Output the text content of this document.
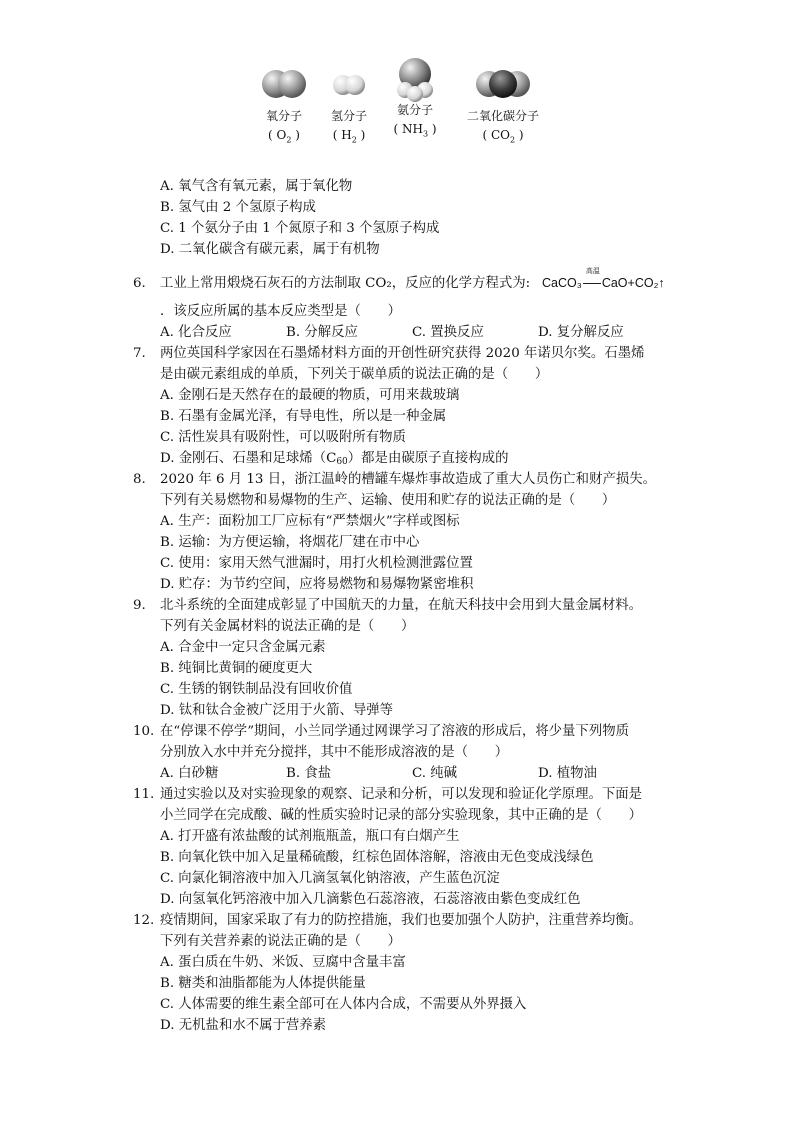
氧分子
( $O_2$ )
氢分子
( $H_2$ )
氨分子
( $NH_3$ )
二氧化碳分子
( $CO_2$ )
A. 氧气含有氧元素，属于氧化物
B. 氢气由 2 个氢原子构成
C. 1 个氨分子由 1 个氮原子和 3 个氢原子构成
D. 二氧化碳含有碳元素，属于有机物
6. 工业上常用煅烧石灰石的方法制取 CO₂，反应的化学方程式为: CaCO₃
高温
CaO+CO₂↑
．该反应所属的基本反应类型是（　　）
A. 化合反应	B. 分解反应	C. 置换反应	D. 复分解反应
7. 两位英国科学家因在石墨烯材料方面的开创性研究获得 2020 年诺贝尔奖。石墨烯
是由碳元素组成的单质，下列关于碳单质的说法正确的是（　　）
A. 金刚石是天然存在的最硬的物质，可用来裁玻璃
B. 石墨有金属光泽，有导电性，所以是一种金属
C. 活性炭具有吸附性，可以吸附所有物质
D. 金刚石、石墨和足球烯（C60）都是由碳原子直接构成的
8. 2020 年 6 月 13 日，浙江温岭的槽罐车爆炸事故造成了重大人员伤亡和财产损失。
下列有关易燃物和易爆物的生产、运输、使用和贮存的说法正确的是（　　）
A. 生产：面粉加工厂应标有“严禁烟火”字样或图标
B. 运输：为方便运输，将烟花厂建在市中心
C. 使用：家用天然气泄漏时，用打火机检测泄露位置
D. 贮存：为节约空间，应将易燃物和易爆物紧密堆积
9. 北斗系统的全面建成彰显了中国航天的力量，在航天科技中会用到大量金属材料。
下列有关金属材料的说法正确的是（　　）
A. 合金中一定只含金属元素
B. 纯铜比黄铜的硬度更大
C. 生锈的钢铁制品没有回收价值
D. 钛和钛合金被广泛用于火箭、导弹等
10. 在“停课不停学”期间，小兰同学通过网课学习了溶液的形成后，将少量下列物质
分别放入水中并充分搅拌，其中不能形成溶液的是（　　）
A. 白砂糖	B. 食盐	C. 纯碱	D. 植物油
11. 通过实验以及对实验现象的观察、记录和分析，可以发现和验证化学原理。下面是
小兰同学在完成酸、碱的性质实验时记录的部分实验现象，其中正确的是（　　）
A. 打开盛有浓盐酸的试剂瓶瓶盖，瓶口有白烟产生
B. 向氧化铁中加入足量稀硫酸，红棕色固体溶解，溶液由无色变成浅绿色
C. 向氯化铜溶液中加入几滴氢氧化钠溶液，产生蓝色沉淀
D. 向氢氧化钙溶液中加入几滴紫色石蕊溶液，石蕊溶液由紫色变成红色
12. 疫情期间，国家采取了有力的防控措施，我们也要加强个人防护，注重营养均衡。
下列有关营养素的说法正确的是（　　）
A. 蛋白质在牛奶、米饭、豆腐中含量丰富
B. 糖类和油脂都能为人体提供能量
C. 人体需要的维生素全部可在人体内合成，不需要从外界摄入
D. 无机盐和水不属于营养素
